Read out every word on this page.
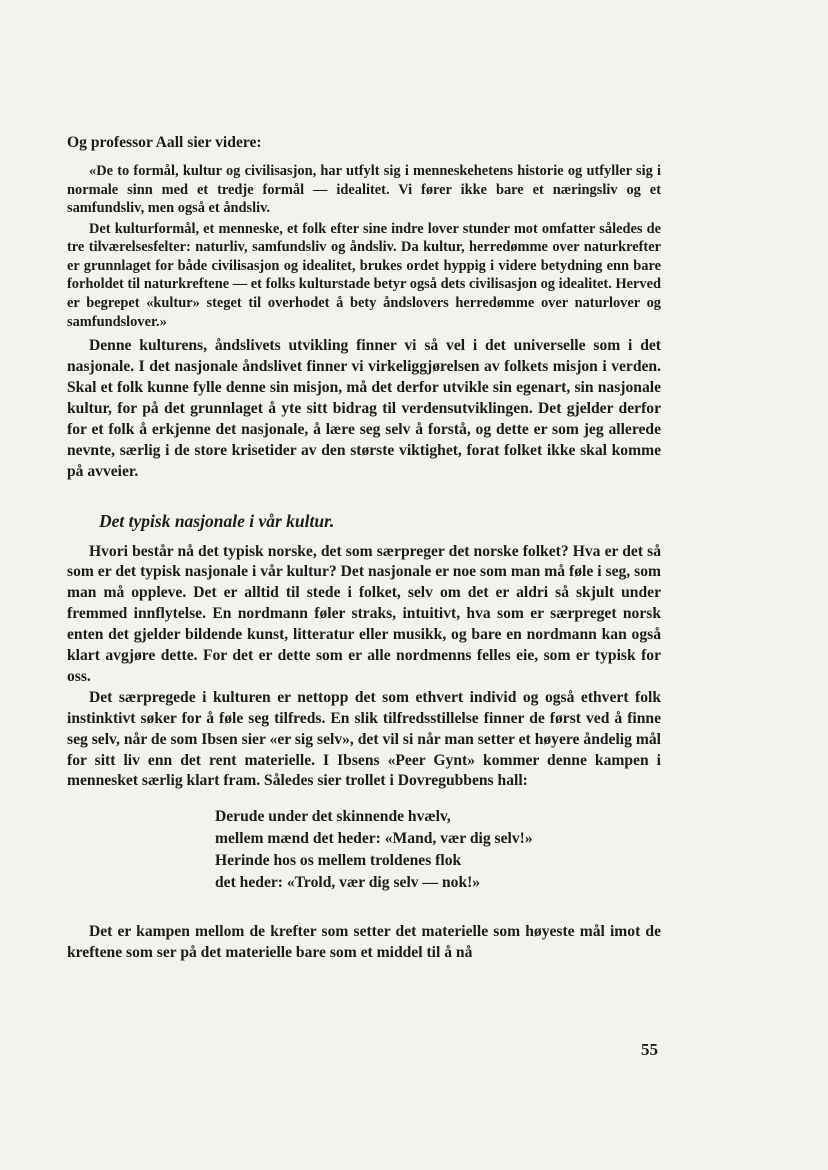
Og professor Aall sier videre:

«De to formål, kultur og civilisasjon, har utfylt sig i menneskehetens historie og utfyller sig i normale sinn med et tredje formål — idealitet. Vi fører ikke bare et næringsliv og et samfundsliv, men også et åndsliv.

Det kulturformål, et menneske, et folk efter sine indre lover stunder mot omfatter således de tre tilværelsesfelter: naturliv, samfundsliv og åndsliv. Da kultur, herredømme over naturkrefter er grunnlaget for både civilisasjon og idealitet, brukes ordet hyppig i videre betydning enn bare forholdet til naturkreftene — et folks kulturstade betyr også dets civilisasjon og idealitet. Herved er begrepet «kultur» steget til overhodet å bety åndslovers herredømme over naturlover og samfundslover.»

Denne kulturens, åndslivets utvikling finner vi så vel i det universelle som i det nasjonale. I det nasjonale åndslivet finner vi virkeliggjørelsen av folkets misjon i verden. Skal et folk kunne fylle denne sin misjon, må det derfor utvikle sin egenart, sin nasjonale kultur, for på det grunnlaget å yte sitt bidrag til verdensutviklingen. Det gjelder derfor for et folk å erkjenne det nasjonale, å lære seg selv å forstå, og dette er som jeg allerede nevnte, særlig i de store krisetider av den største viktighet, forat folket ikke skal komme på avveier.

Det typisk nasjonale i vår kultur.

Hvori består nå det typisk norske, det som særpreger det norske folket? Hva er det så som er det typisk nasjonale i vår kultur? Det nasjonale er noe som man må føle i seg, som man må oppleve. Det er alltid til stede i folket, selv om det er aldri så skjult under fremmed innflytelse. En nordmann føler straks, intuitivt, hva som er særpreget norsk enten det gjelder bildende kunst, litteratur eller musikk, og bare en nordmann kan også klart avgjøre dette. For det er dette som er alle nordmenns felles eie, som er typisk for oss.

Det særpregede i kulturen er nettopp det som ethvert individ og også ethvert folk instinktivt søker for å føle seg tilfreds. En slik tilfredsstillelse finner de først ved å finne seg selv, når de som Ibsen sier «er sig selv», det vil si når man setter et høyere åndelig mål for sitt liv enn det rent materielle. I Ibsens «Peer Gynt» kommer denne kampen i mennesket særlig klart fram. Således sier trollet i Dovregubbens hall:

Derude under det skinnende hvælv,
mellem mænd det heder: «Mand, vær dig selv!»
Herinde hos os mellem troldenes flok
det heder: «Trold, vær dig selv — nok!»

Det er kampen mellom de krefter som setter det materielle som høyeste mål imot de kreftene som ser på det materielle bare som et middel til å nå

55
